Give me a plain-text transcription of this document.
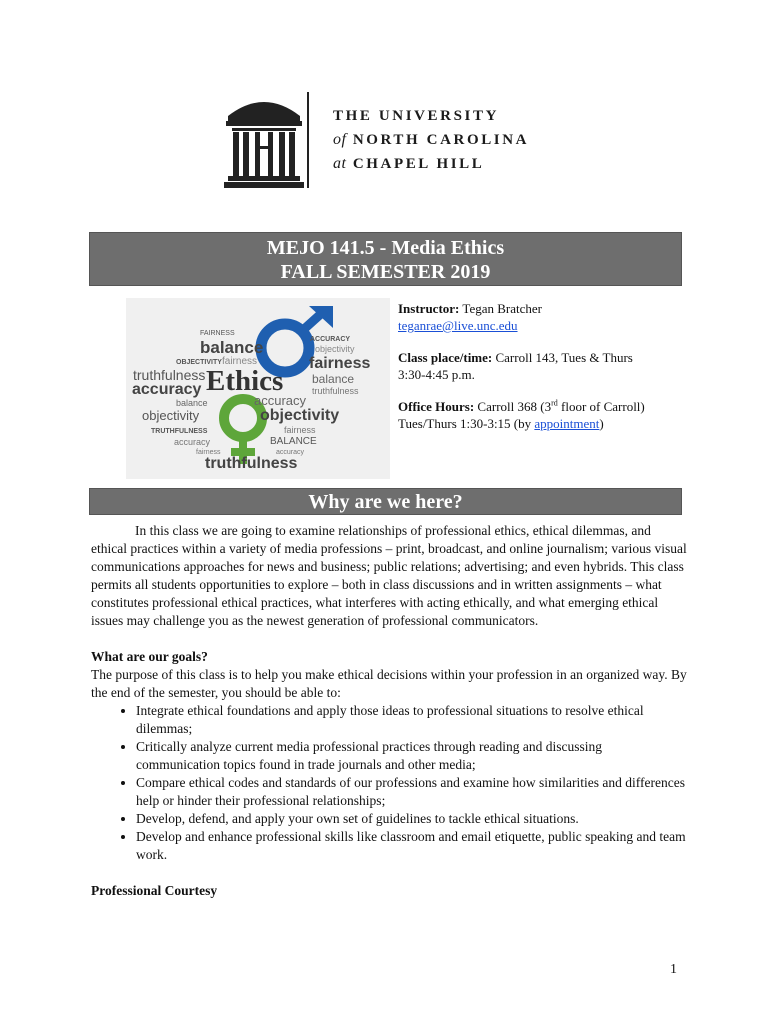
THE UNIVERSITY
of NORTH CAROLINA
at CHAPEL HILL
MEJO 141.5 - Media Ethics
FALL SEMESTER 2019
FAIRNESS
balance
OBJECTIVITY fairness
truthfulness
accuracy Ethics
balance
objectivity
TRUTHFULNESS
accuracy
fairness
ACCURACY
objectivity
fairness
balance
truthfulness
accuracy
objectivity
fairness
BALANCE
accuracy
truthfulness

Instructor: Tegan Bratcher

teganrae@live.unc.edu

Class place/time: Carroll 143, Tues & Thurs

3:30-4:45 p.m.

Office Hours: Carroll 368 (3rd floor of Carroll)

Tues/Thurs 1:30-3:15 (by appointment)

Why are we here?

In this class we are going to examine relationships of professional ethics, ethical dilemmas, and ethical practices within a variety of media professions – print, broadcast, and online journalism; various visual communications approaches for news and business; public relations; advertising; and even hybrids. This class permits all students opportunities to explore – both in class discussions and in written assignments – what constitutes professional ethical practices, what interferes with acting ethically, and what emerging ethical issues may challenge you as the newest generation of professional communicators.

What are our goals?

The purpose of this class is to help you make ethical decisions within your profession in an organized way. By the end of the semester, you should be able to:

• Integrate ethical foundations and apply those ideas to professional situations to resolve ethical dilemmas;
• Critically analyze current media professional practices through reading and discussing communication topics found in trade journals and other media;
• Compare ethical codes and standards of our professions and examine how similarities and differences help or hinder their professional relationships;
• Develop, defend, and apply your own set of guidelines to tackle ethical situations.
• Develop and enhance professional skills like classroom and email etiquette, public speaking and team work.

Professional Courtesy

1
